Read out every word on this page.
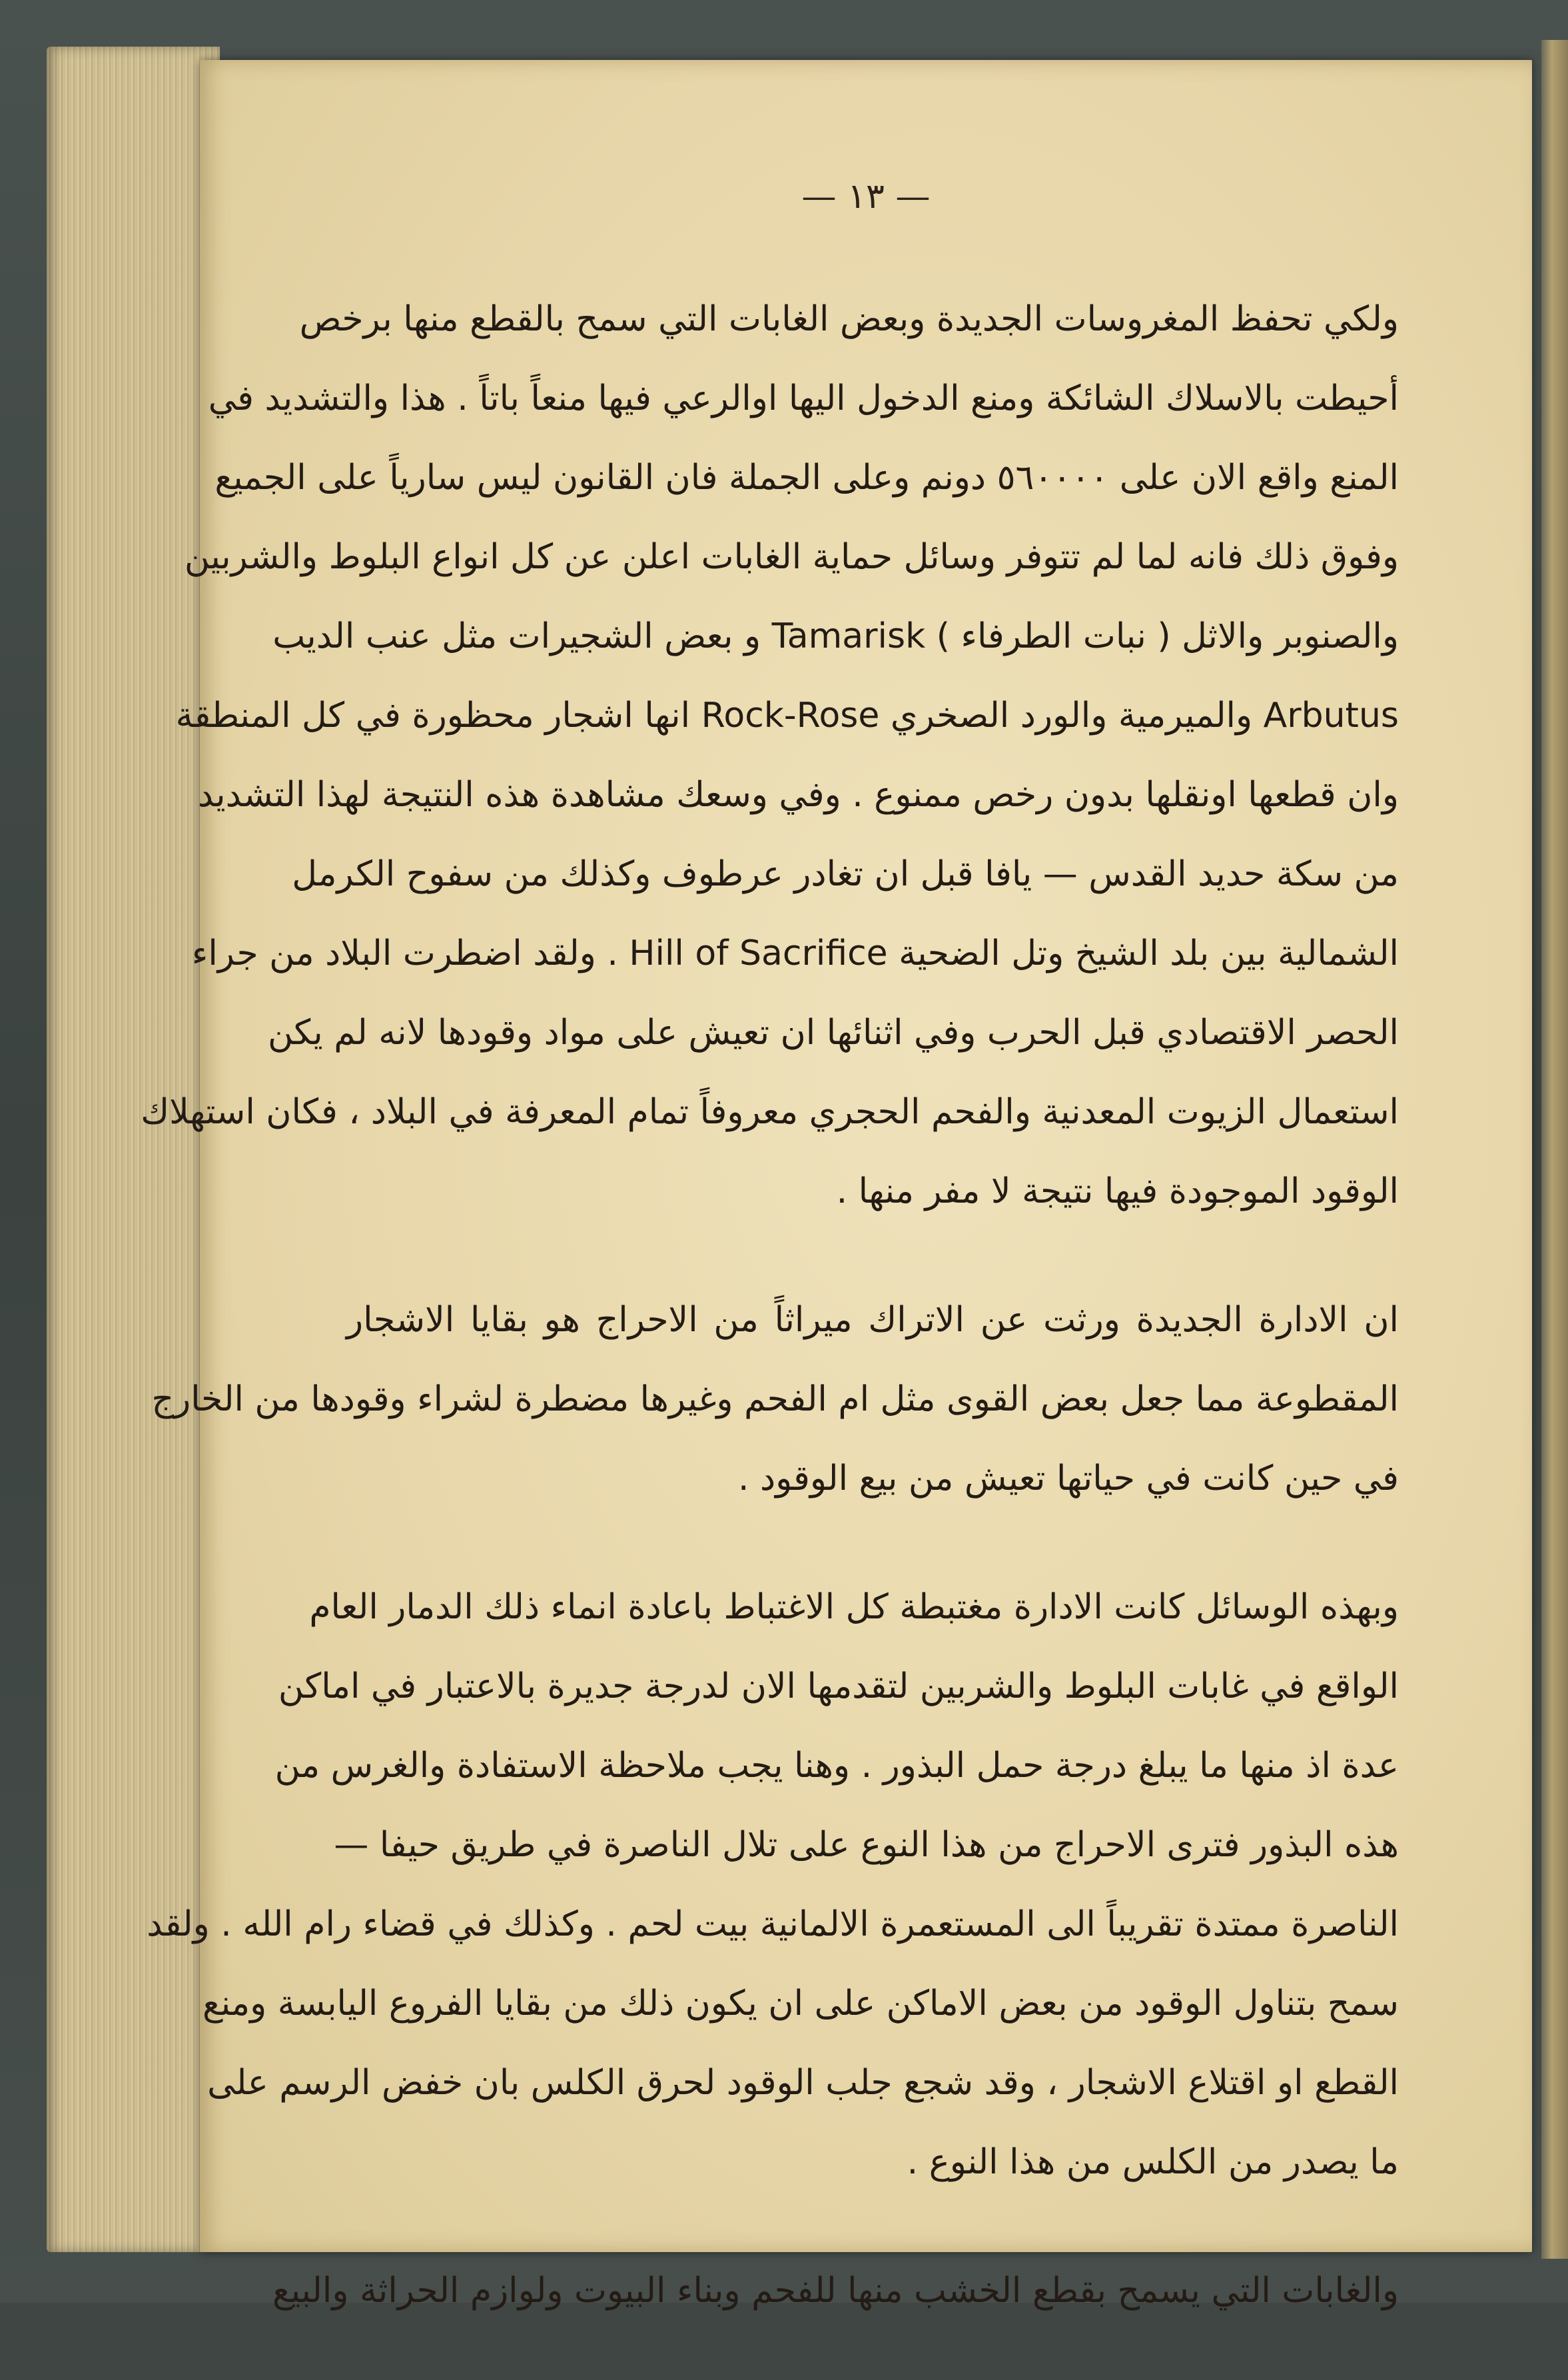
— ١٣ —
ولكي تحفظ المغروسات الجديدة وبعض الغابات التي سمح بالقطع منها برخص
أحيطت بالاسلاك الشائكة ومنع الدخول اليها اوالرعي فيها منعاً باتاً . هذا والتشديد في
المنع واقع الان على ٥٦٠٠٠٠ دونم وعلى الجملة فان القانون ليس سارياً على الجميع
وفوق ذلك فانه لما لم تتوفر وسائل حماية الغابات اعلن عن كل انواع البلوط والشربين
والصنوبر والاثل ( نبات الطرفاء ) Tamarisk و بعض الشجيرات مثل عنب الديب
Arbutus والميرمية والورد الصخري Rock-Rose انها اشجار محظورة في كل المنطقة
وان قطعها اونقلها بدون رخص ممنوع . وفي وسعك مشاهدة هذه النتيجة لهذا التشديد
من سكة حديد القدس — يافا قبل ان تغادر عرطوف وكذلك من سفوح الكرمل
الشمالية بين بلد الشيخ وتل الضحية Hill of Sacrifice . ولقد اضطرت البلاد من جراء
الحصر الاقتصادي قبل الحرب وفي اثنائها ان تعيش على مواد وقودها لانه لم يكن
استعمال الزيوت المعدنية والفحم الحجري معروفاً تمام المعرفة في البلاد ، فكان استهلاك
الوقود الموجودة فيها نتيجة لا مفر منها .
ان الادارة الجديدة ورثت عن الاتراك ميراثاً من الاحراج هو بقايا الاشجار
المقطوعة مما جعل بعض القوى مثل ام الفحم وغيرها مضطرة لشراء وقودها من الخارج
في حين كانت في حياتها تعيش من بيع الوقود .
وبهذه الوسائل كانت الادارة مغتبطة كل الاغتباط باعادة انماء ذلك الدمار العام
الواقع في غابات البلوط والشربين لتقدمها الان لدرجة جديرة بالاعتبار في اماكن
عدة اذ منها ما يبلغ درجة حمل البذور . وهنا يجب ملاحظة الاستفادة والغرس من
هذه البذور فترى الاحراج من هذا النوع على تلال الناصرة في طريق حيفا —
الناصرة ممتدة تقريباً الى المستعمرة الالمانية بيت لحم . وكذلك في قضاء رام الله . ولقد
سمح بتناول الوقود من بعض الاماكن على ان يكون ذلك من بقايا الفروع اليابسة ومنع
القطع او اقتلاع الاشجار ، وقد شجع جلب الوقود لحرق الكلس بان خفض الرسم على
ما يصدر من الكلس من هذا النوع .
والغابات التي يسمح بقطع الخشب منها للفحم وبناء البيوت ولوازم الحراثة والبيع
